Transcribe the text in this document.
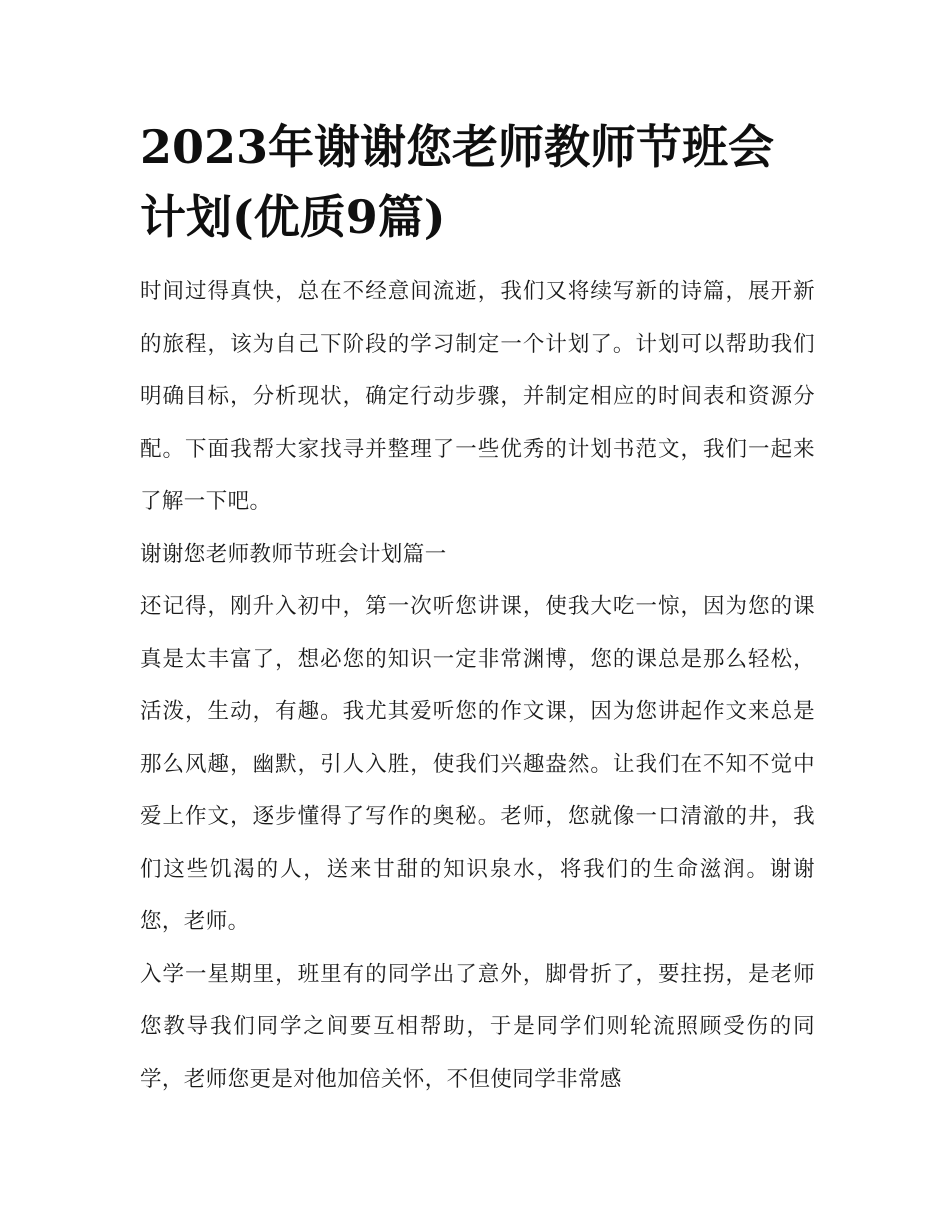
2023年谢谢您老师教师节班会计划(优质9篇)

时间过得真快，总在不经意间流逝，我们又将续写新的诗篇，展开新的旅程，该为自己下阶段的学习制定一个计划了。计划可以帮助我们明确目标，分析现状，确定行动步骤，并制定相应的时间表和资源分配。下面我帮大家找寻并整理了一些优秀的计划书范文，我们一起来了解一下吧。

谢谢您老师教师节班会计划篇一

还记得，刚升入初中，第一次听您讲课，使我大吃一惊，因为您的课真是太丰富了，想必您的知识一定非常渊博，您的课总是那么轻松，活泼，生动，有趣。我尤其爱听您的作文课，因为您讲起作文来总是那么风趣，幽默，引人入胜，使我们兴趣盎然。让我们在不知不觉中爱上作文，逐步懂得了写作的奥秘。老师，您就像一口清澈的井，我们这些饥渴的人，送来甘甜的知识泉水，将我们的生命滋润。谢谢您，老师。

入学一星期里，班里有的同学出了意外，脚骨折了，要拄拐，是老师您教导我们同学之间要互相帮助，于是同学们则轮流照顾受伤的同学，老师您更是对他加倍关怀，不但使同学非常感
